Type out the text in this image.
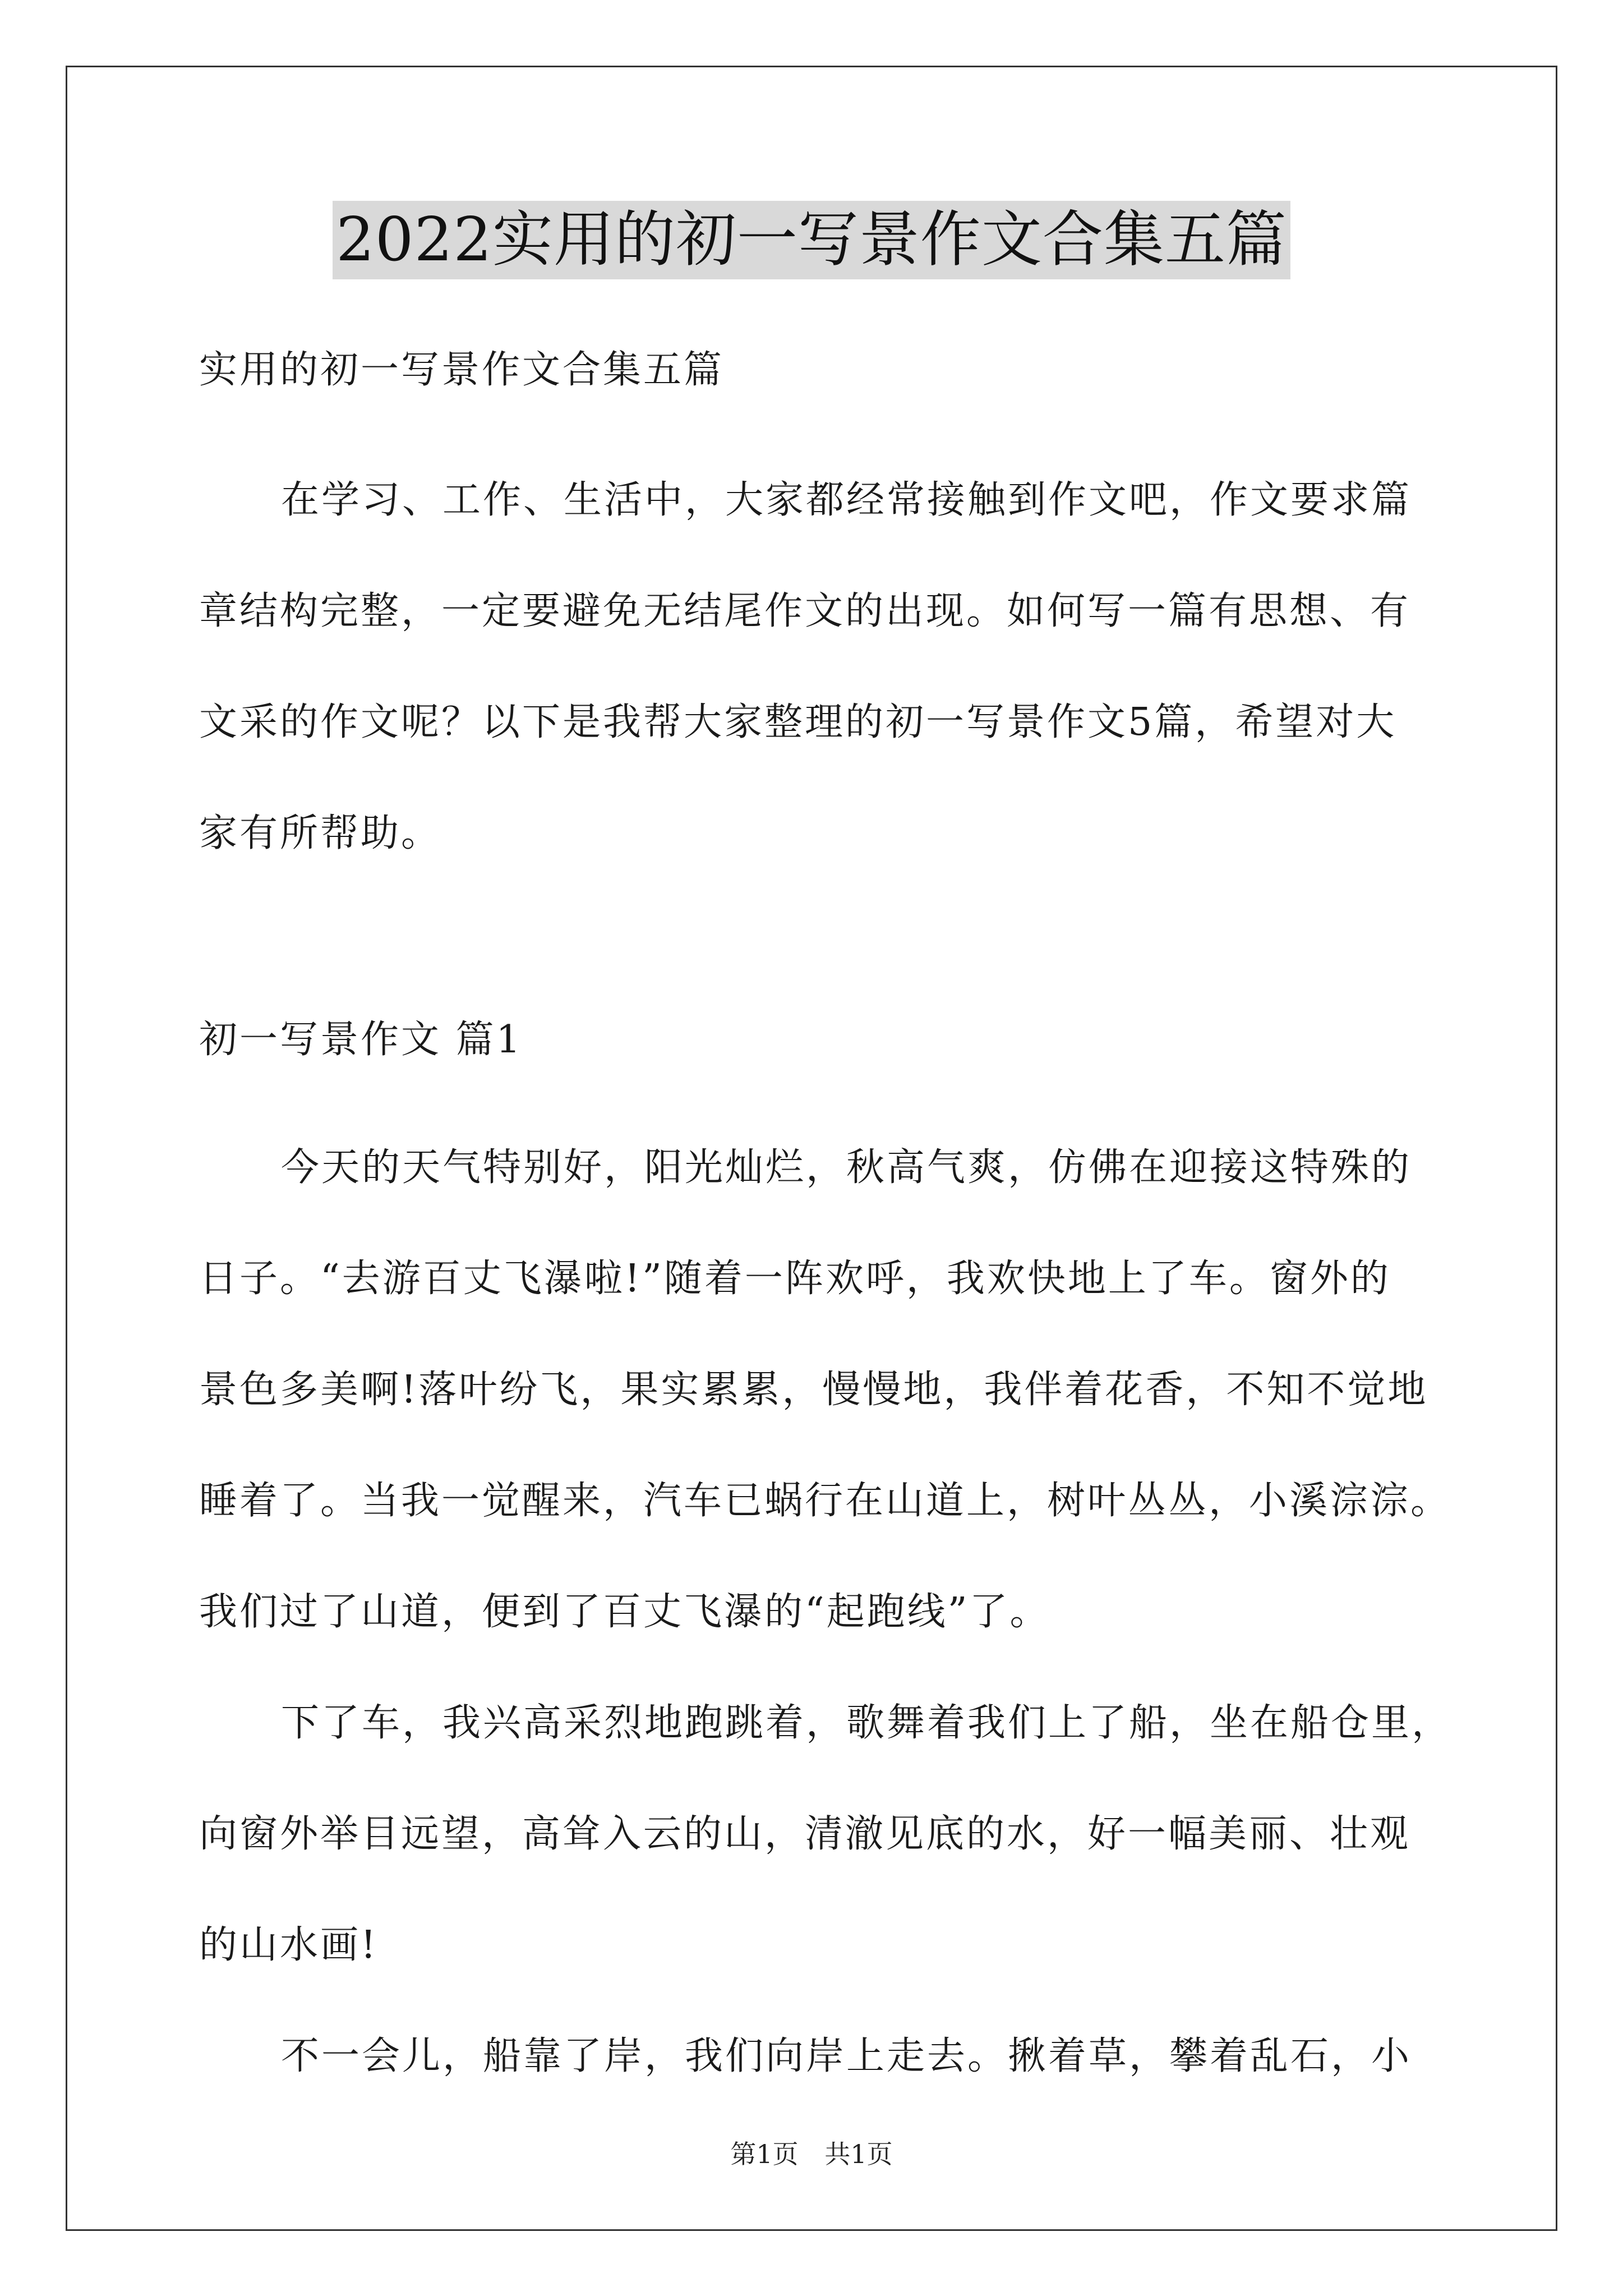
2022实用的初一写景作文合集五篇
实用的初一写景作文合集五篇
在学习、工作、生活中，大家都经常接触到作文吧，作文要求篇
章结构完整，一定要避免无结尾作文的出现。如何写一篇有思想、有
文采的作文呢？以下是我帮大家整理的初一写景作文5篇，希望对大
家有所帮助。
初一写景作文 篇1
今天的天气特别好，阳光灿烂，秋高气爽，仿佛在迎接这特殊的
日子。“去游百丈飞瀑啦!”随着一阵欢呼，我欢快地上了车。窗外的
景色多美啊!落叶纷飞，果实累累，慢慢地，我伴着花香，不知不觉地
睡着了。当我一觉醒来，汽车已蜗行在山道上，树叶丛丛，小溪淙淙。
我们过了山道，便到了百丈飞瀑的“起跑线”了。
下了车，我兴高采烈地跑跳着，歌舞着我们上了船，坐在船仓里，
向窗外举目远望，高耸入云的山，清澈见底的水，好一幅美丽、壮观
的山水画!
不一会儿，船靠了岸，我们向岸上走去。揪着草，攀着乱石，小
第1页 共1页
